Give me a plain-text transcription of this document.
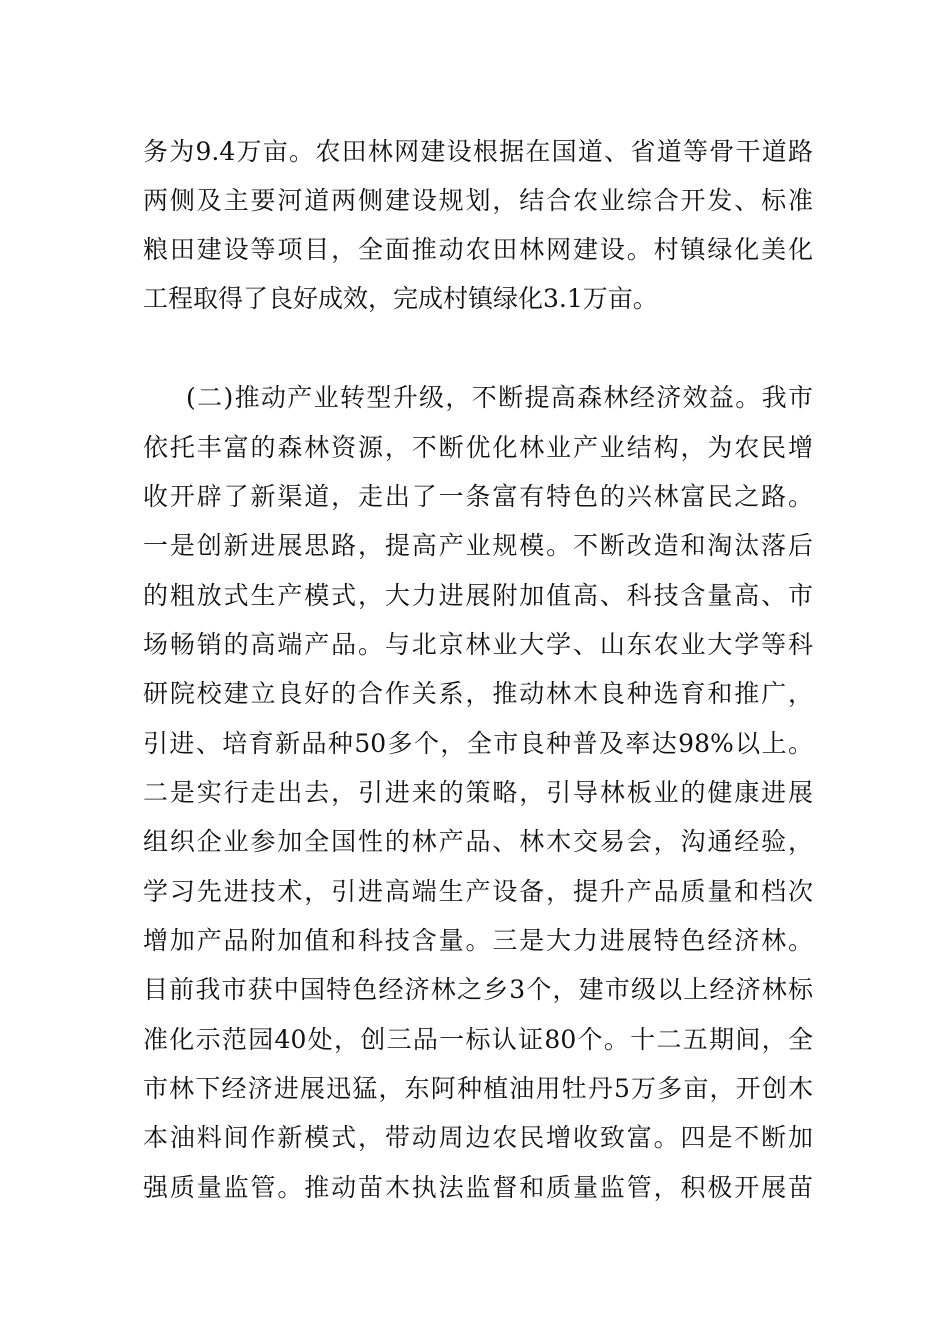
务为9.4万亩。农田林网建设根据在国道、省道等骨干道路
两侧及主要河道两侧建设规划，结合农业综合开发、标准
粮田建设等项目，全面推动农田林网建设。村镇绿化美化
工程取得了良好成效，完成村镇绿化3.1万亩。
(二)推动产业转型升级，不断提高森林经济效益。我市
依托丰富的森林资源，不断优化林业产业结构，为农民增
收开辟了新渠道，走出了一条富有特色的兴林富民之路。
一是创新进展思路，提高产业规模。不断改造和淘汰落后
的粗放式生产模式，大力进展附加值高、科技含量高、市
场畅销的高端产品。与北京林业大学、山东农业大学等科
研院校建立良好的合作关系，推动林木良种选育和推广，
引进、培育新品种50多个，全市良种普及率达98%以上。
二是实行走出去，引进来的策略，引导林板业的健康进展
组织企业参加全国性的林产品、林木交易会，沟通经验，
学习先进技术，引进高端生产设备，提升产品质量和档次
增加产品附加值和科技含量。三是大力进展特色经济林。
目前我市获中国特色经济林之乡3个，建市级以上经济林标
准化示范园40处，创三品一标认证80个。十二五期间，全
市林下经济进展迅猛，东阿种植油用牡丹5万多亩，开创木
本油料间作新模式，带动周边农民增收致富。四是不断加
强质量监管。推动苗木执法监督和质量监管，积极开展苗
